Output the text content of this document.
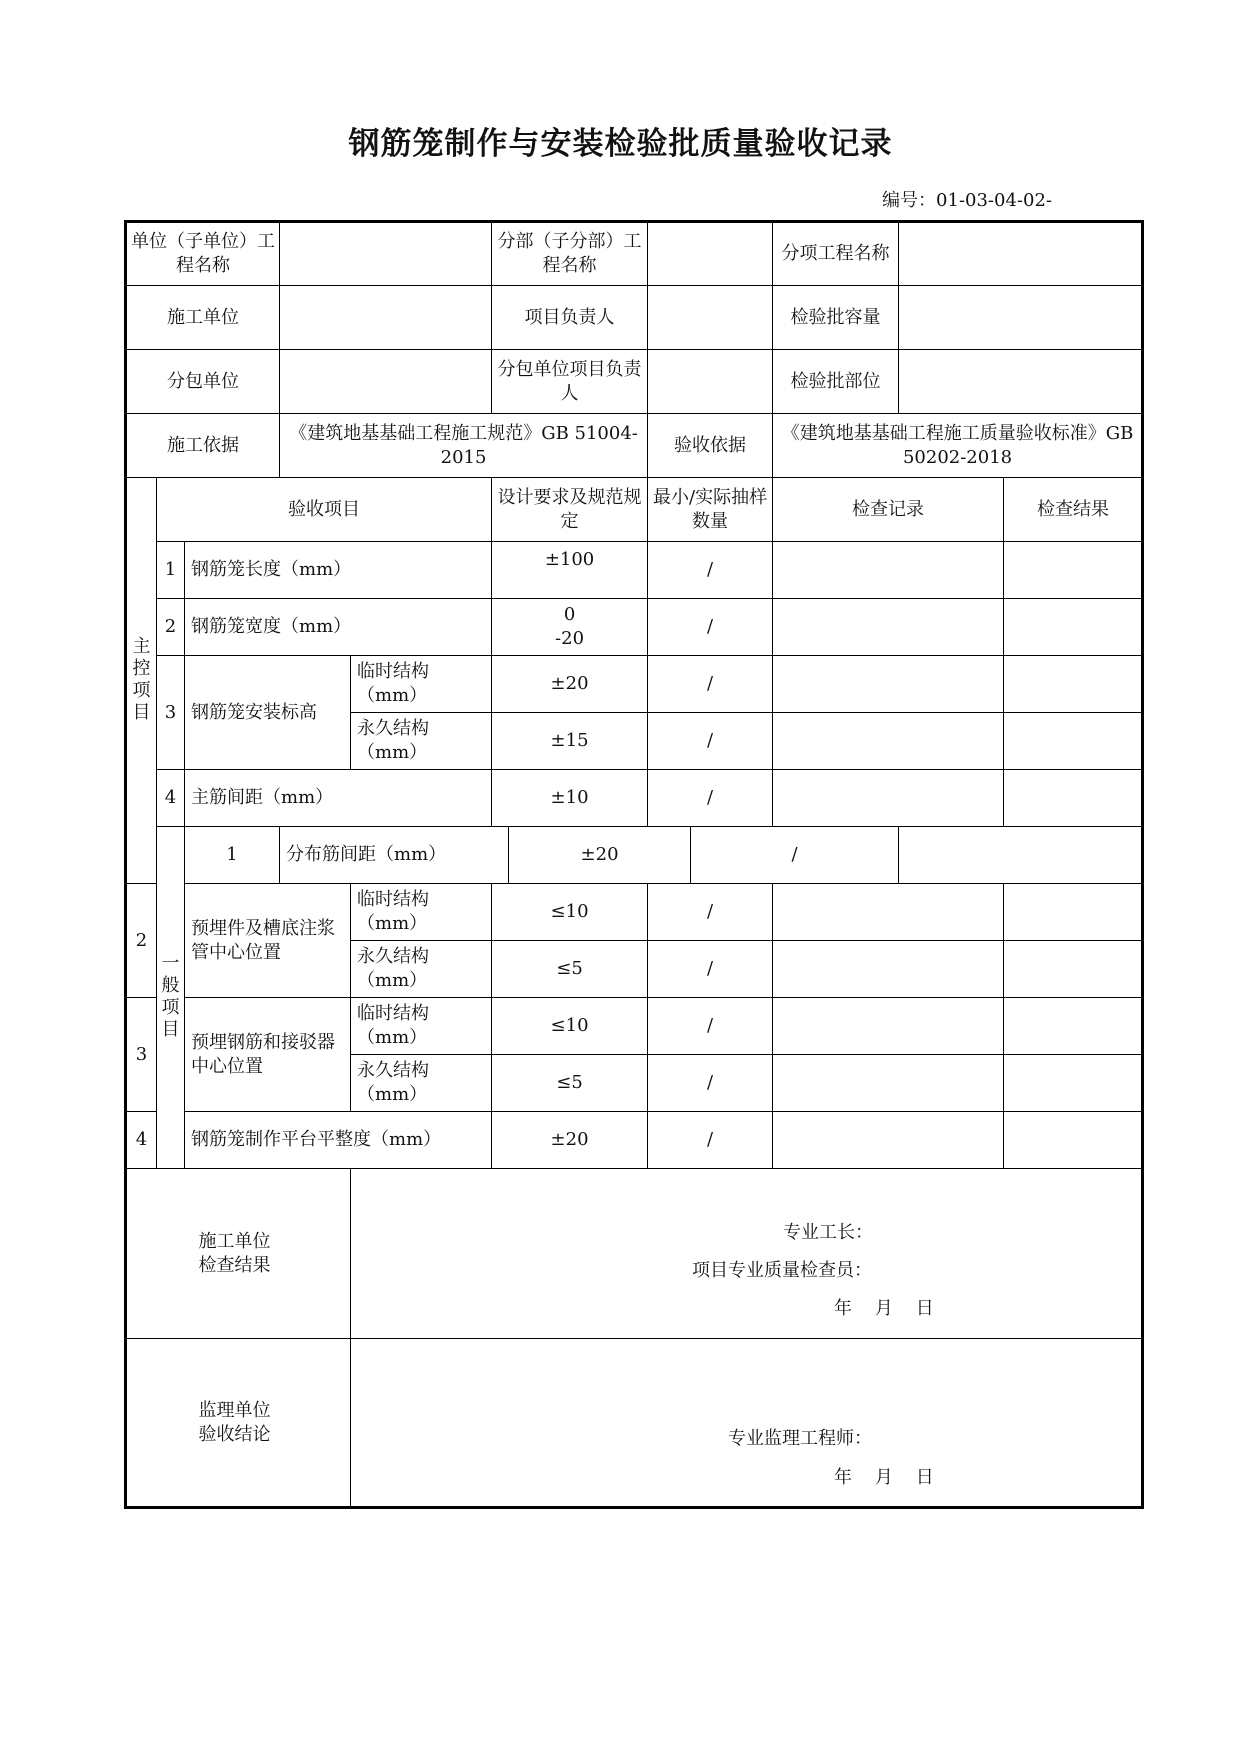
钢筋笼制作与安装检验批质量验收记录
编号：01-03-04-02-
单位（子单位）工程名称					分部（子分部）工程名称				分项工程名称			
施工单位					项目负责人				检验批容量			
分包单位					分包单位项目负责人				检验批部位			
施工依据			《建筑地基基础工程施工规范》GB 51004-2015				验收依据		《建筑地基基础工程施工质量验收标准》GB 50202-2018			
主控项目	验收项目				设计要求及规范规定		最小/实际抽样数量		检查记录		检查结果	
	1	钢筋笼长度（mm）			±100		/					
	2	钢筋笼宽度（mm）			0
-20		/					
	3	钢筋笼安装标高		临时结构（mm）	±20		/					
				永久结构（mm）	±15		/					
	4	主筋间距（mm）			±10		/					
	一般项目	1	分布筋间距（mm）			±20		/				
2		预埋件及槽底注浆管中心位置		临时结构（mm）	≤10		/					
				永久结构（mm）	≤5		/					
3		预埋钢筋和接驳器中心位置		临时结构（mm）	≤10		/					
				永久结构（mm）	≤5		/					
4		钢筋笼制作平台平整度（mm）			±20		/					

施工单位检查结果				专业工长：
项目专业质量检查员：
年    月    日								

监理单位验收结论				专业监理工程师：
年    月    日								
